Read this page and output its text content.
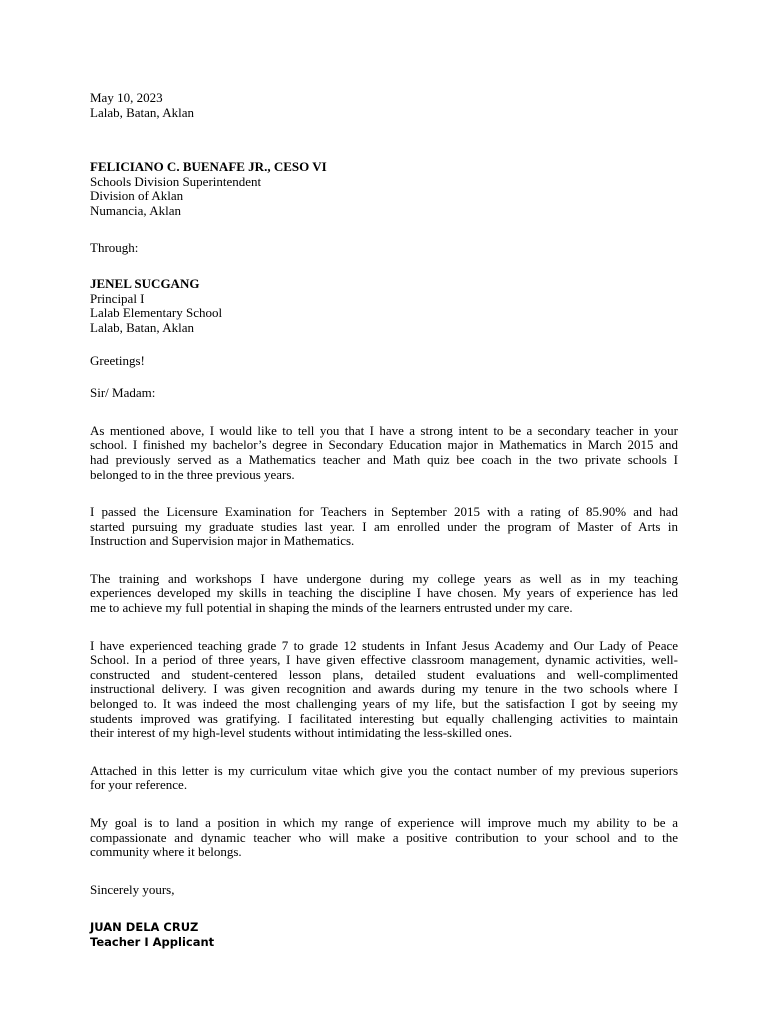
May 10, 2023
Lalab, Batan, Aklan
FELICIANO C. BUENAFE JR., CESO VI
Schools Division Superintendent
Division of Aklan
Numancia, Aklan
Through:
JENEL SUCGANG
Principal I
Lalab Elementary School
Lalab, Batan, Aklan
Greetings!
Sir/ Madam:
As mentioned above, I would like to tell you that I have a strong intent to be a secondary teacher in your
school. I finished my bachelor’s degree in Secondary Education major in Mathematics in March 2015 and
had previously served as a Mathematics teacher and Math quiz bee coach in the two private schools I
belonged to in the three previous years.
I passed the Licensure Examination for Teachers in September 2015 with a rating of 85.90% and had
started pursuing my graduate studies last year. I am enrolled under the program of Master of Arts in
Instruction and Supervision major in Mathematics.
The training and workshops I have undergone during my college years as well as in my teaching
experiences developed my skills in teaching the discipline I have chosen. My years of experience has led
me to achieve my full potential in shaping the minds of the learners entrusted under my care.
I have experienced teaching grade 7 to grade 12 students in Infant Jesus Academy and Our Lady of Peace
School. In a period of three years, I have given effective classroom management, dynamic activities, well-
constructed and student-centered lesson plans, detailed student evaluations and well-complimented
instructional delivery. I was given recognition and awards during my tenure in the two schools where I
belonged to. It was indeed the most challenging years of my life, but the satisfaction I got by seeing my
students improved was gratifying. I facilitated interesting but equally challenging activities to maintain
their interest of my high-level students without intimidating the less-skilled ones.
Attached in this letter is my curriculum vitae which give you the contact number of my previous superiors
for your reference.
My goal is to land a position in which my range of experience will improve much my ability to be a
compassionate and dynamic teacher who will make a positive contribution to your school and to the
community where it belongs.
Sincerely yours,
JUAN DELA CRUZ
Teacher I Applicant
